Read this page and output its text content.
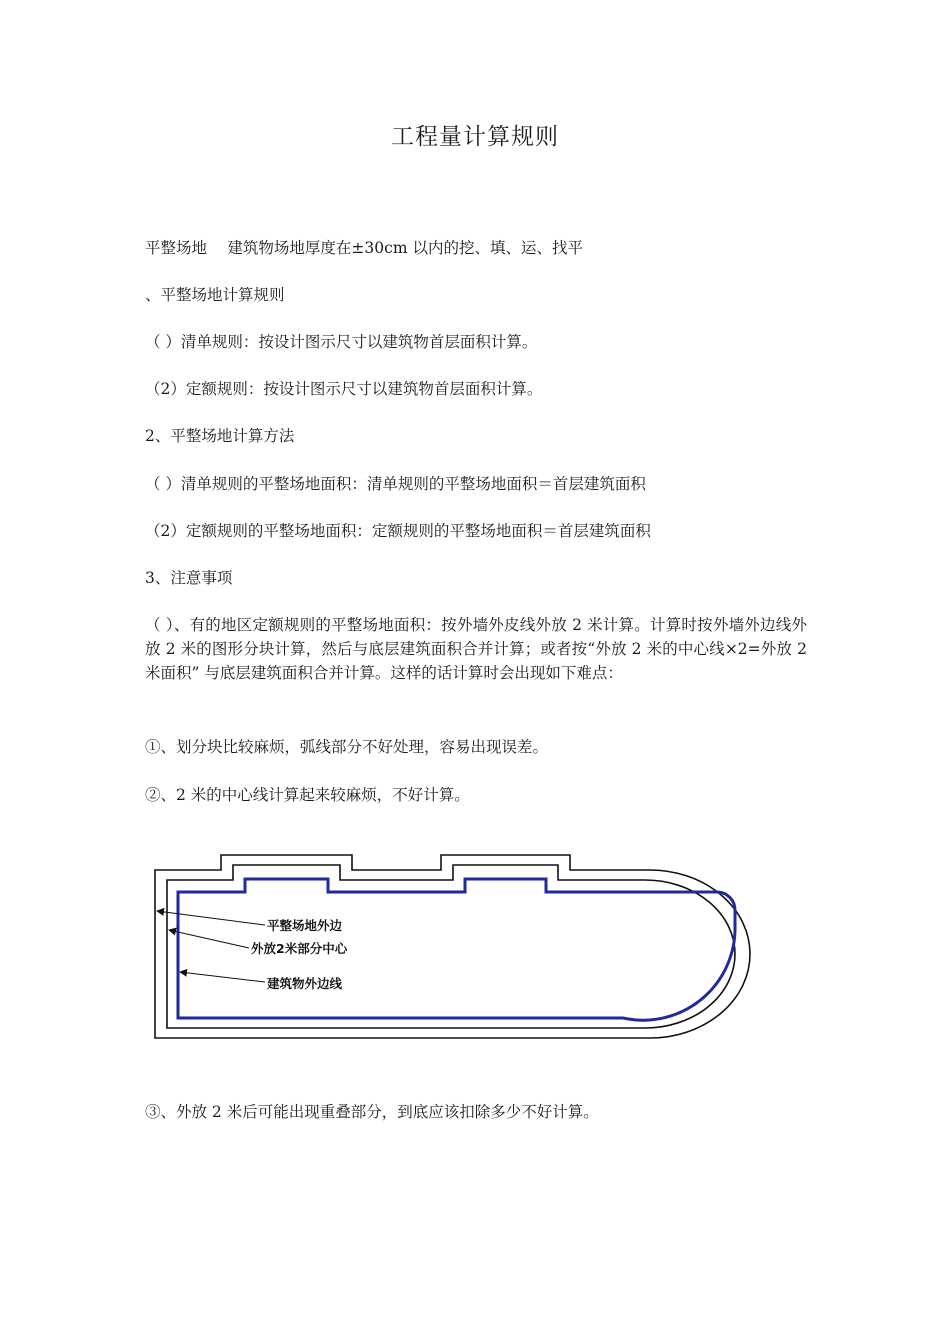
工程量计算规则
平整场地　 建筑物场地厚度在±30cm 以内的挖、填、运、找平
、平整场地计算规则
（ ）清单规则：按设计图示尺寸以建筑物首层面积计算。
（2）定额规则：按设计图示尺寸以建筑物首层面积计算。
2、平整场地计算方法
（ ）清单规则的平整场地面积：清单规则的平整场地面积＝首层建筑面积
（2）定额规则的平整场地面积：定额规则的平整场地面积＝首层建筑面积
3、注意事项
（ ）、有的地区定额规则的平整场地面积：按外墙外皮线外放 2 米计算。计算时按外墙外边线外放 2 米的图形分块计算，然后与底层建筑面积合并计算；或者按“外放 2 米的中心线×2=外放 2 米面积” 与底层建筑面积合并计算。这样的话计算时会出现如下难点：
①、划分块比较麻烦，弧线部分不好处理，容易出现误差。
②、2 米的中心线计算起来较麻烦，不好计算。
平整场地外边
外放2米部分中心
建筑物外边线
③、外放 2 米后可能出现重叠部分，到底应该扣除多少不好计算。
